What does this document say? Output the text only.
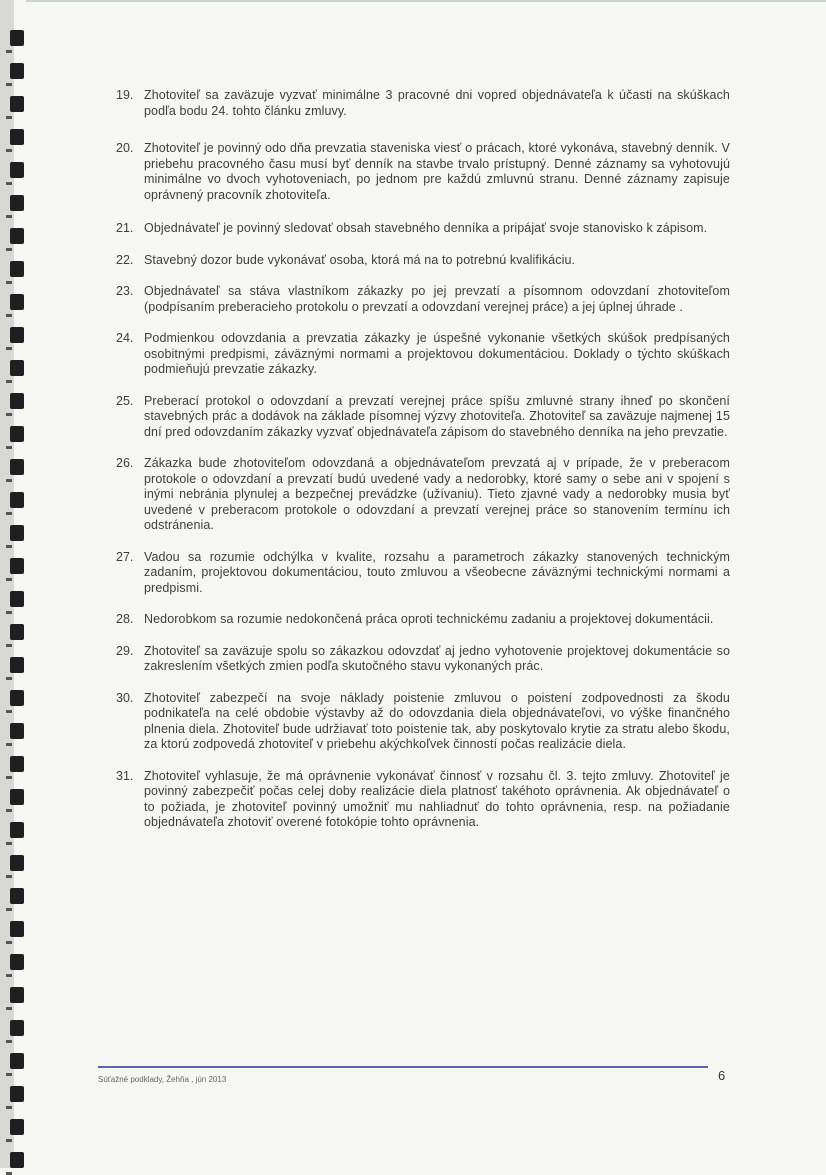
19. Zhotoviteľ sa zaväzuje vyzvať minimálne 3 pracovné dni vopred objednávateľa k účasti na skúškach podľa bodu 24. tohto článku zmluvy.
20. Zhotoviteľ je povinný odo dňa prevzatia staveniska viesť o prácach, ktoré vykonáva, stavebný denník. V priebehu pracovného času musí byť denník na stavbe trvalo prístupný. Denné záznamy sa vyhotovujú minimálne vo dvoch vyhotoveniach, po jednom pre každú zmluvnú stranu. Denné záznamy zapisuje oprávnený pracovník zhotoviteľa.
21. Objednávateľ je povinný sledovať obsah stavebného denníka a pripájať svoje stanovisko k zápisom.
22. Stavebný dozor bude vykonávať osoba, ktorá má na to potrebnú kvalifikáciu.
23. Objednávateľ sa stáva vlastníkom zákazky po jej prevzatí a písomnom odovzdaní zhotoviteľom (podpísaním preberacieho protokolu o prevzatí a odovzdaní verejnej práce) a jej úplnej úhrade .
24. Podmienkou odovzdania a prevzatia zákazky je úspešné vykonanie všetkých skúšok predpísaných osobitnými predpismi, záväznými normami a projektovou dokumentáciou. Doklady o týchto skúškach podmieňujú prevzatie zákazky.
25. Preberací protokol o odovzdaní a prevzatí verejnej práce spíšu zmluvné strany ihneď po skončení stavebných prác a dodávok na základe písomnej výzvy zhotoviteľa. Zhotoviteľ sa zaväzuje najmenej 15 dní pred odovzdaním zákazky vyzvať objednávateľa zápisom do stavebného denníka na jeho prevzatie.
26. Zákazka bude zhotoviteľom odovzdaná a objednávateľom prevzatá aj v prípade, že v preberacom protokole o odovzdaní a prevzatí budú uvedené vady a nedorobky, ktoré samy o sebe ani v spojení s inými nebránia plynulej a bezpečnej prevádzke (užívaniu). Tieto zjavné vady a nedorobky musia byť uvedené v preberacom protokole o odovzdaní a prevzatí verejnej práce so stanovením termínu ich odstránenia.
27. Vadou sa rozumie odchýlka v kvalite, rozsahu a parametroch zákazky stanovených technickým zadaním, projektovou dokumentáciou, touto zmluvou a všeobecne záväznými technickými normami a predpismi.
28. Nedorobkom sa rozumie nedokončená práca oproti technickému zadaniu a projektovej dokumentácii.
29. Zhotoviteľ sa zaväzuje spolu so zákazkou odovzdať aj jedno vyhotovenie projektovej dokumentácie so zakreslením všetkých zmien podľa skutočného stavu vykonaných prác.
30. Zhotoviteľ zabezpečí na svoje náklady poistenie zmluvou o poistení zodpovednosti za škodu podnikateľa na celé obdobie výstavby až do odovzdania diela objednávateľovi, vo výške finančného plnenia diela. Zhotoviteľ bude udržiavať toto poistenie tak, aby poskytovalo krytie za stratu alebo škodu, za ktorú zodpovedá zhotoviteľ v priebehu akýchkoľvek činností počas realizácie diela.
31. Zhotoviteľ vyhlasuje, že má oprávnenie vykonávať činnosť v rozsahu čl. 3. tejto zmluvy. Zhotoviteľ je povinný zabezpečiť počas celej doby realizácie diela platnosť takéhoto oprávnenia. Ak objednávateľ o to požiada, je zhotoviteľ povinný umožniť mu nahliadnuť do tohto oprávnenia, resp. na požiadanie objednávateľa zhotoviť overené fotokópie tohto oprávnenia.
Súťažné podklady, Žehňa , jún 2013	6
